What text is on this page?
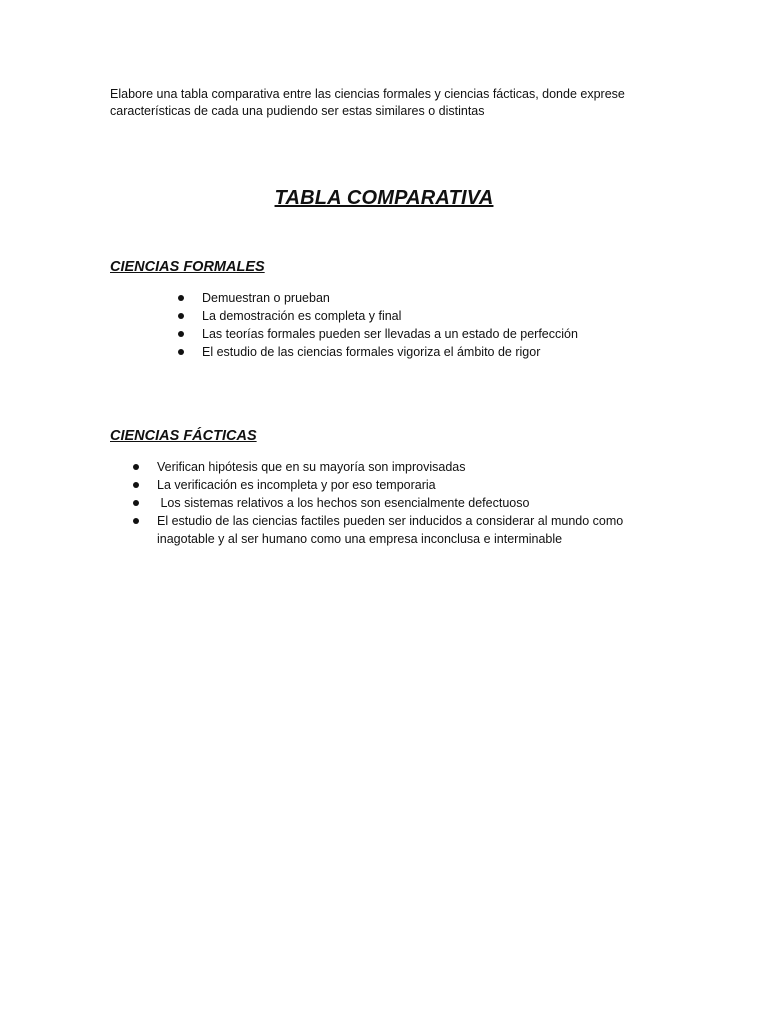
Elabore una tabla comparativa entre las ciencias formales y ciencias fácticas, donde exprese

características de cada una pudiendo ser estas similares o distintas

TABLA COMPARATIVA
CIENCIAS FORMALES
Demuestran o prueban
La demostración es completa y final
Las teorías formales pueden ser llevadas a un estado de perfección
El estudio de las ciencias formales vigoriza el ámbito de rigor
CIENCIAS FÁCTICAS
Verifican hipótesis que en su mayoría son improvisadas
La verificación es incompleta y por eso temporaria
Los sistemas relativos a los hechos son esencialmente defectuoso
El estudio de las ciencias factiles pueden ser inducidos a considerar al mundo como inagotable y al ser humano como una empresa inconclusa e interminable
